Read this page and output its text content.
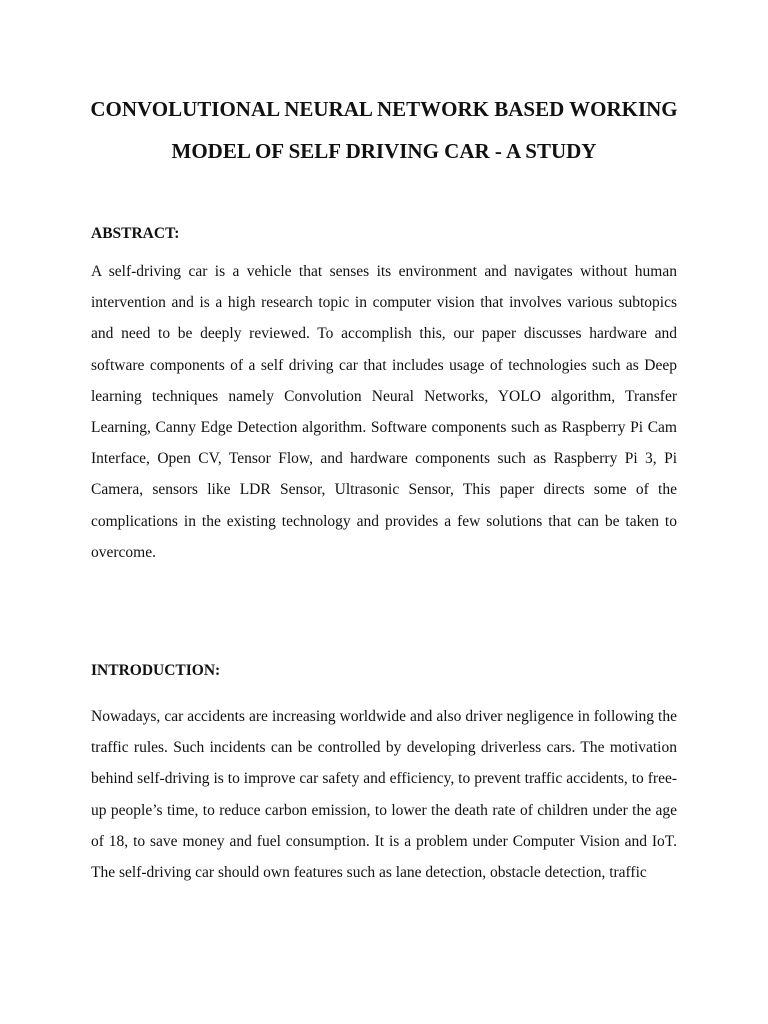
CONVOLUTIONAL NEURAL NETWORK BASED WORKING MODEL OF SELF DRIVING CAR - A STUDY
ABSTRACT:

A self-driving car is a vehicle that senses its environment and navigates without human intervention and is a high research topic in computer vision that involves various subtopics and need to be deeply reviewed. To accomplish this, our paper discusses hardware and software components of a self driving car that includes usage of technologies such as Deep learning techniques namely Convolution Neural Networks, YOLO algorithm, Transfer Learning, Canny Edge Detection algorithm. Software components such as Raspberry Pi Cam Interface, Open CV, Tensor Flow, and hardware components such as Raspberry Pi 3, Pi Camera, sensors like LDR Sensor, Ultrasonic Sensor, This paper directs some of the complications in the existing technology and provides a few solutions that can be taken to overcome.

INTRODUCTION:

Nowadays, car accidents are increasing worldwide and also driver negligence in following the traffic rules. Such incidents can be controlled by developing driverless cars. The motivation behind self-driving is to improve car safety and efficiency, to prevent traffic accidents, to free-up people’s time, to reduce carbon emission, to lower the death rate of children under the age of 18, to save money and fuel consumption. It is a problem under Computer Vision and IoT. The self-driving car should own features such as lane detection, obstacle detection, traffic
